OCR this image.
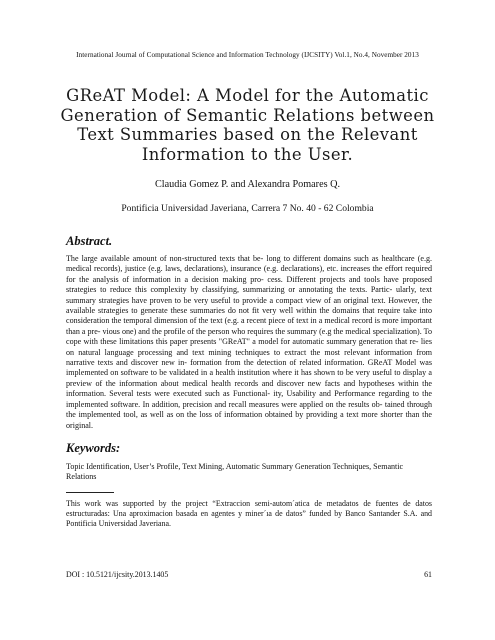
International Journal of Computational Science and Information Technology (IJCSITY) Vol.1, No.4, November 2013
GReAT Model: A Model for the Automatic Generation of Semantic Relations between Text Summaries based on the Relevant Information to the User.
Claudia Gomez P. and Alexandra Pomares Q.
Pontificia Universidad Javeriana, Carrera 7 No. 40 - 62 Colombia
Abstract.

The large available amount of non-structured texts that be- long to different domains such as healthcare (e.g. medical records), justice (e.g. laws, declarations), insurance (e.g. declarations), etc. increases the effort required for the analysis of information in a decision making pro- cess. Different projects and tools have proposed strategies to reduce this complexity by classifying, summarizing or annotating the texts. Partic- ularly, text summary strategies have proven to be very useful to provide a compact view of an original text. However, the available strategies to generate these summaries do not fit very well within the domains that require take into consideration the temporal dimension of the text (e.g. a recent piece of text in a medical record is more important than a pre- vious one) and the profile of the person who requires the summary (e.g the medical specialization). To cope with these limitations this paper presents "GReAT" a model for automatic summary generation that re- lies on natural language processing and text mining techniques to extract the most relevant information from narrative texts and discover new in- formation from the detection of related information. GReAT Model was implemented on software to be validated in a health institution where it has shown to be very useful to display a preview of the information about medical health records and discover new facts and hypotheses within the information. Several tests were executed such as Functional- ity, Usability and Performance regarding to the implemented software. In addition, precision and recall measures were applied on the results ob- tained through the implemented tool, as well as on the loss of information obtained by providing a text more shorter than the original.

Keywords:

Topic Identification, User’s Profile, Text Mining, Automatic Summary Generation Techniques, Semantic Relations

This work was supported by the project “Extraccion semi-autom´atica de metadatos de fuentes de datos estructuradas: Una aproximacion basada en agentes y miner´ıa de datos” funded by Banco Santander S.A. and Pontificia Universidad Javeriana.

DOI : 10.5121/ijcsity.2013.1405	61
